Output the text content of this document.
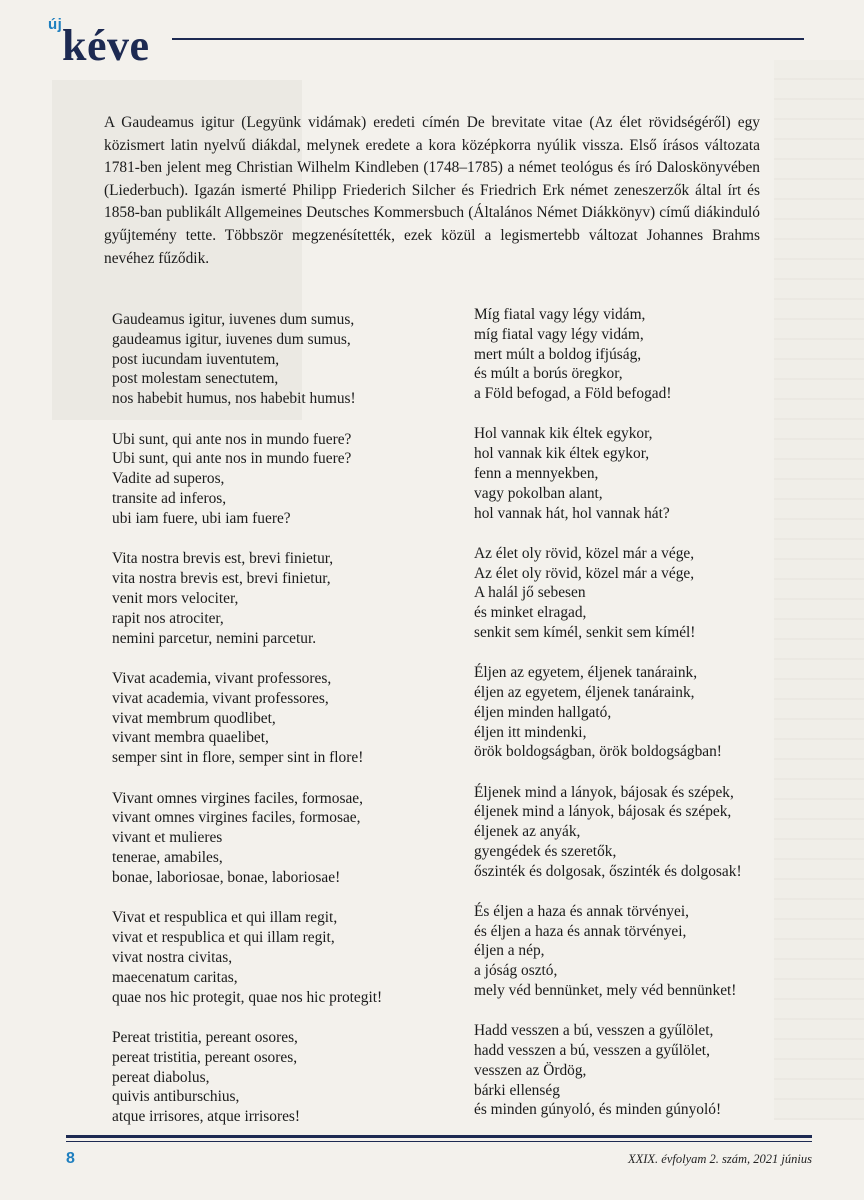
új kéve

A Gaudeamus igitur (Legyünk vidámak) eredeti címén De brevitate vitae (Az élet rövidségéről) egy közismert latin nyelvű diákdal, melynek eredete a kora középkorra nyúlik vissza. Első írásos változata 1781-ben jelent meg Christian Wilhelm Kindleben (1748–1785) a német teológus és író Daloskönyvében (Liederbuch). Igazán ismerté Philipp Friederich Silcher és Friedrich Erk német zeneszerzők által írt és 1858-ban publikált Allgemeines Deutsches Kommersbuch (Általános Német Diákkönyv) című diákinduló gyűjtemény tette. Többször megzenésítették, ezek közül a legismertebb változat Johannes Brahms nevéhez fűződik.

Gaudeamus igitur, iuvenes dum sumus,
gaudeamus igitur, iuvenes dum sumus,
post iucundam iuventutem,
post molestam senectutem,
nos habebit humus, nos habebit humus!
Ubi sunt, qui ante nos in mundo fuere?
Ubi sunt, qui ante nos in mundo fuere?
Vadite ad superos,
transite ad inferos,
ubi iam fuere, ubi iam fuere?
Vita nostra brevis est, brevi finietur,
vita nostra brevis est, brevi finietur,
venit mors velociter,
rapit nos atrociter,
nemini parcetur, nemini parcetur.
Vivat academia, vivant professores,
vivat academia, vivant professores,
vivat membrum quodlibet,
vivant membra quaelibet,
semper sint in flore, semper sint in flore!
Vivant omnes virgines faciles, formosae,
vivant omnes virgines faciles, formosae,
vivant et mulieres
tenerae, amabiles,
bonae, laboriosae, bonae, laboriosae!
Vivat et respublica et qui illam regit,
vivat et respublica et qui illam regit,
vivat nostra civitas,
maecenatum caritas,
quae nos hic protegit, quae nos hic protegit!
Pereat tristitia, pereant osores,
pereat tristitia, pereant osores,
pereat diabolus,
quivis antiburschius,
atque irrisores, atque irrisores!
Míg fiatal vagy légy vidám,
míg fiatal vagy légy vidám,
mert múlt a boldog ifjúság,
és múlt a borús öregkor,
a Föld befogad, a Föld befogad!
Hol vannak kik éltek egykor,
hol vannak kik éltek egykor,
fenn a mennyekben,
vagy pokolban alant,
hol vannak hát, hol vannak hát?
Az élet oly rövid, közel már a vége,
Az élet oly rövid, közel már a vége,
A halál jő sebesen
és minket elragad,
senkit sem kímél, senkit sem kímél!
Éljen az egyetem, éljenek tanáraink,
éljen az egyetem, éljenek tanáraink,
éljen minden hallgató,
éljen itt mindenki,
örök boldogságban, örök boldogságban!
Éljenek mind a lányok, bájosak és szépek,
éljenek mind a lányok, bájosak és szépek,
éljenek az anyák,
gyengédek és szeretők,
őszinték és dolgosak, őszinték és dolgosak!
És éljen a haza és annak törvényei,
és éljen a haza és annak törvényei,
éljen a nép,
a jóság osztó,
mely véd bennünket, mely véd bennünket!
Hadd vesszen a bú, vesszen a gyűlölet,
hadd vesszen a bú, vesszen a gyűlölet,
vesszen az Ördög,
bárki ellenség
és minden gúnyoló, és minden gúnyoló!
8	XXIX. évfolyam 2. szám, 2021 június
